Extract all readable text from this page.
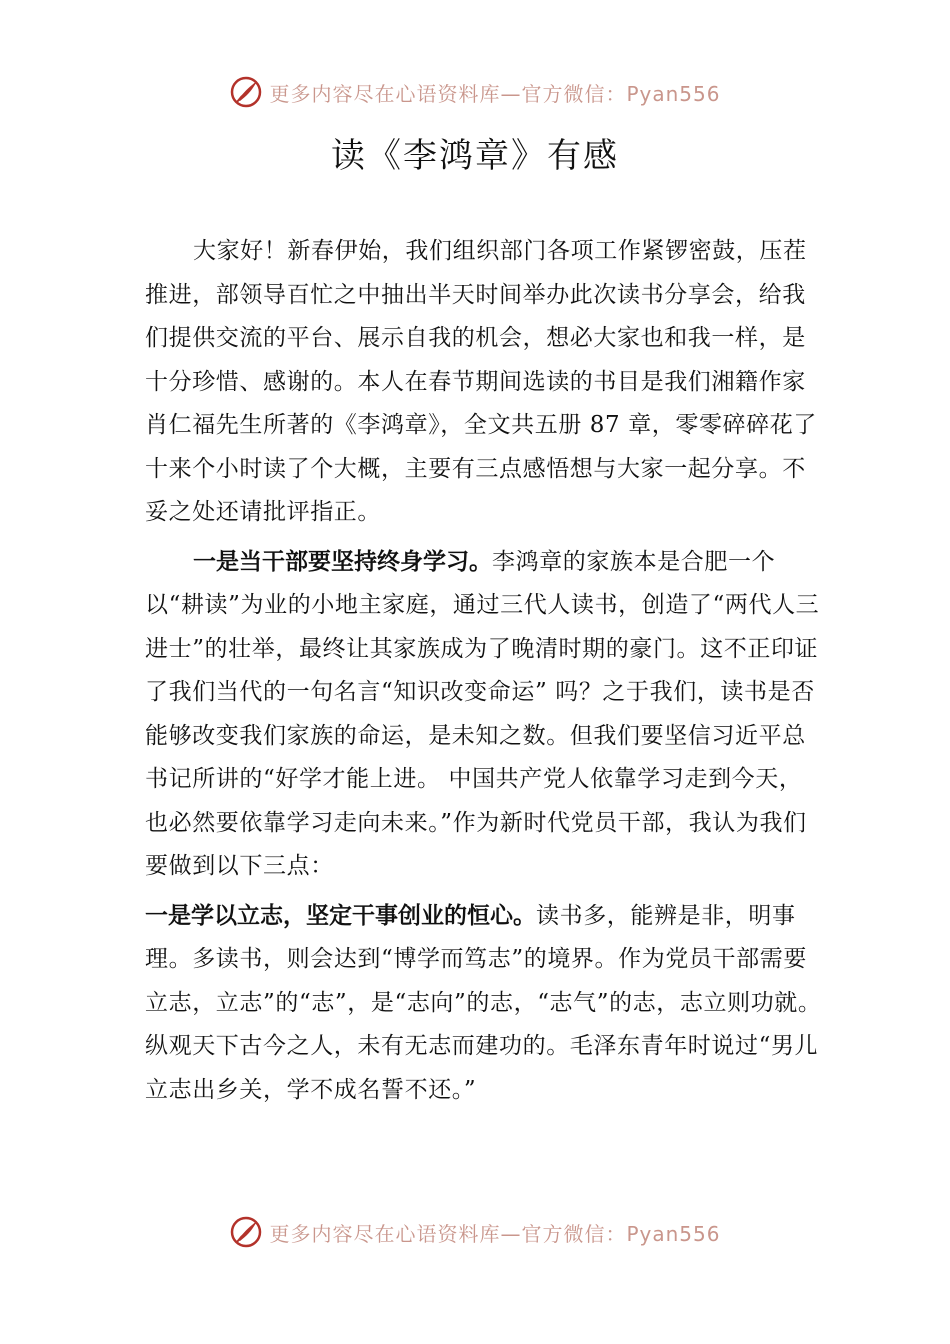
更多内容尽在心语资料库—官方微信：Pyan556
读《李鸿章》有感

大家好！新春伊始，我们组织部门各项工作紧锣密鼓，压茬推进，部领导百忙之中抽出半天时间举办此次读书分享会，给我们提供交流的平台、展示自我的机会，想必大家也和我一样，是十分珍惜、感谢的。本人在春节期间选读的书目是我们湘籍作家肖仁福先生所著的《李鸿章》，全文共五册 87 章，零零碎碎花了十来个小时读了个大概，主要有三点感悟想与大家一起分享。不妥之处还请批评指正。

一是当干部要坚持终身学习。李鸿章的家族本是合肥一个以“耕读”为业的小地主家庭，通过三代人读书，创造了“两代人三进士”的壮举，最终让其家族成为了晚清时期的豪门。这不正印证了我们当代的一句名言“知识改变命运” 吗？之于我们，读书是否能够改变我们家族的命运，是未知之数。但我们要坚信习近平总书记所讲的“好学才能上进。 中国共产党人依靠学习走到今天，也必然要依靠学习走向未来。”作为新时代党员干部，我认为我们要做到以下三点：

一是学以立志，坚定干事创业的恒心。读书多，能辨是非，明事理。多读书，则会达到“博学而笃志”的境界。作为党员干部需要立志，立志”的“志”，是“志向”的志，“志气”的志，志立则功就。纵观天下古今之人，未有无志而建功的。毛泽东青年时说过“男儿立志出乡关，学不成名誓不还。”

更多内容尽在心语资料库—官方微信：Pyan556
